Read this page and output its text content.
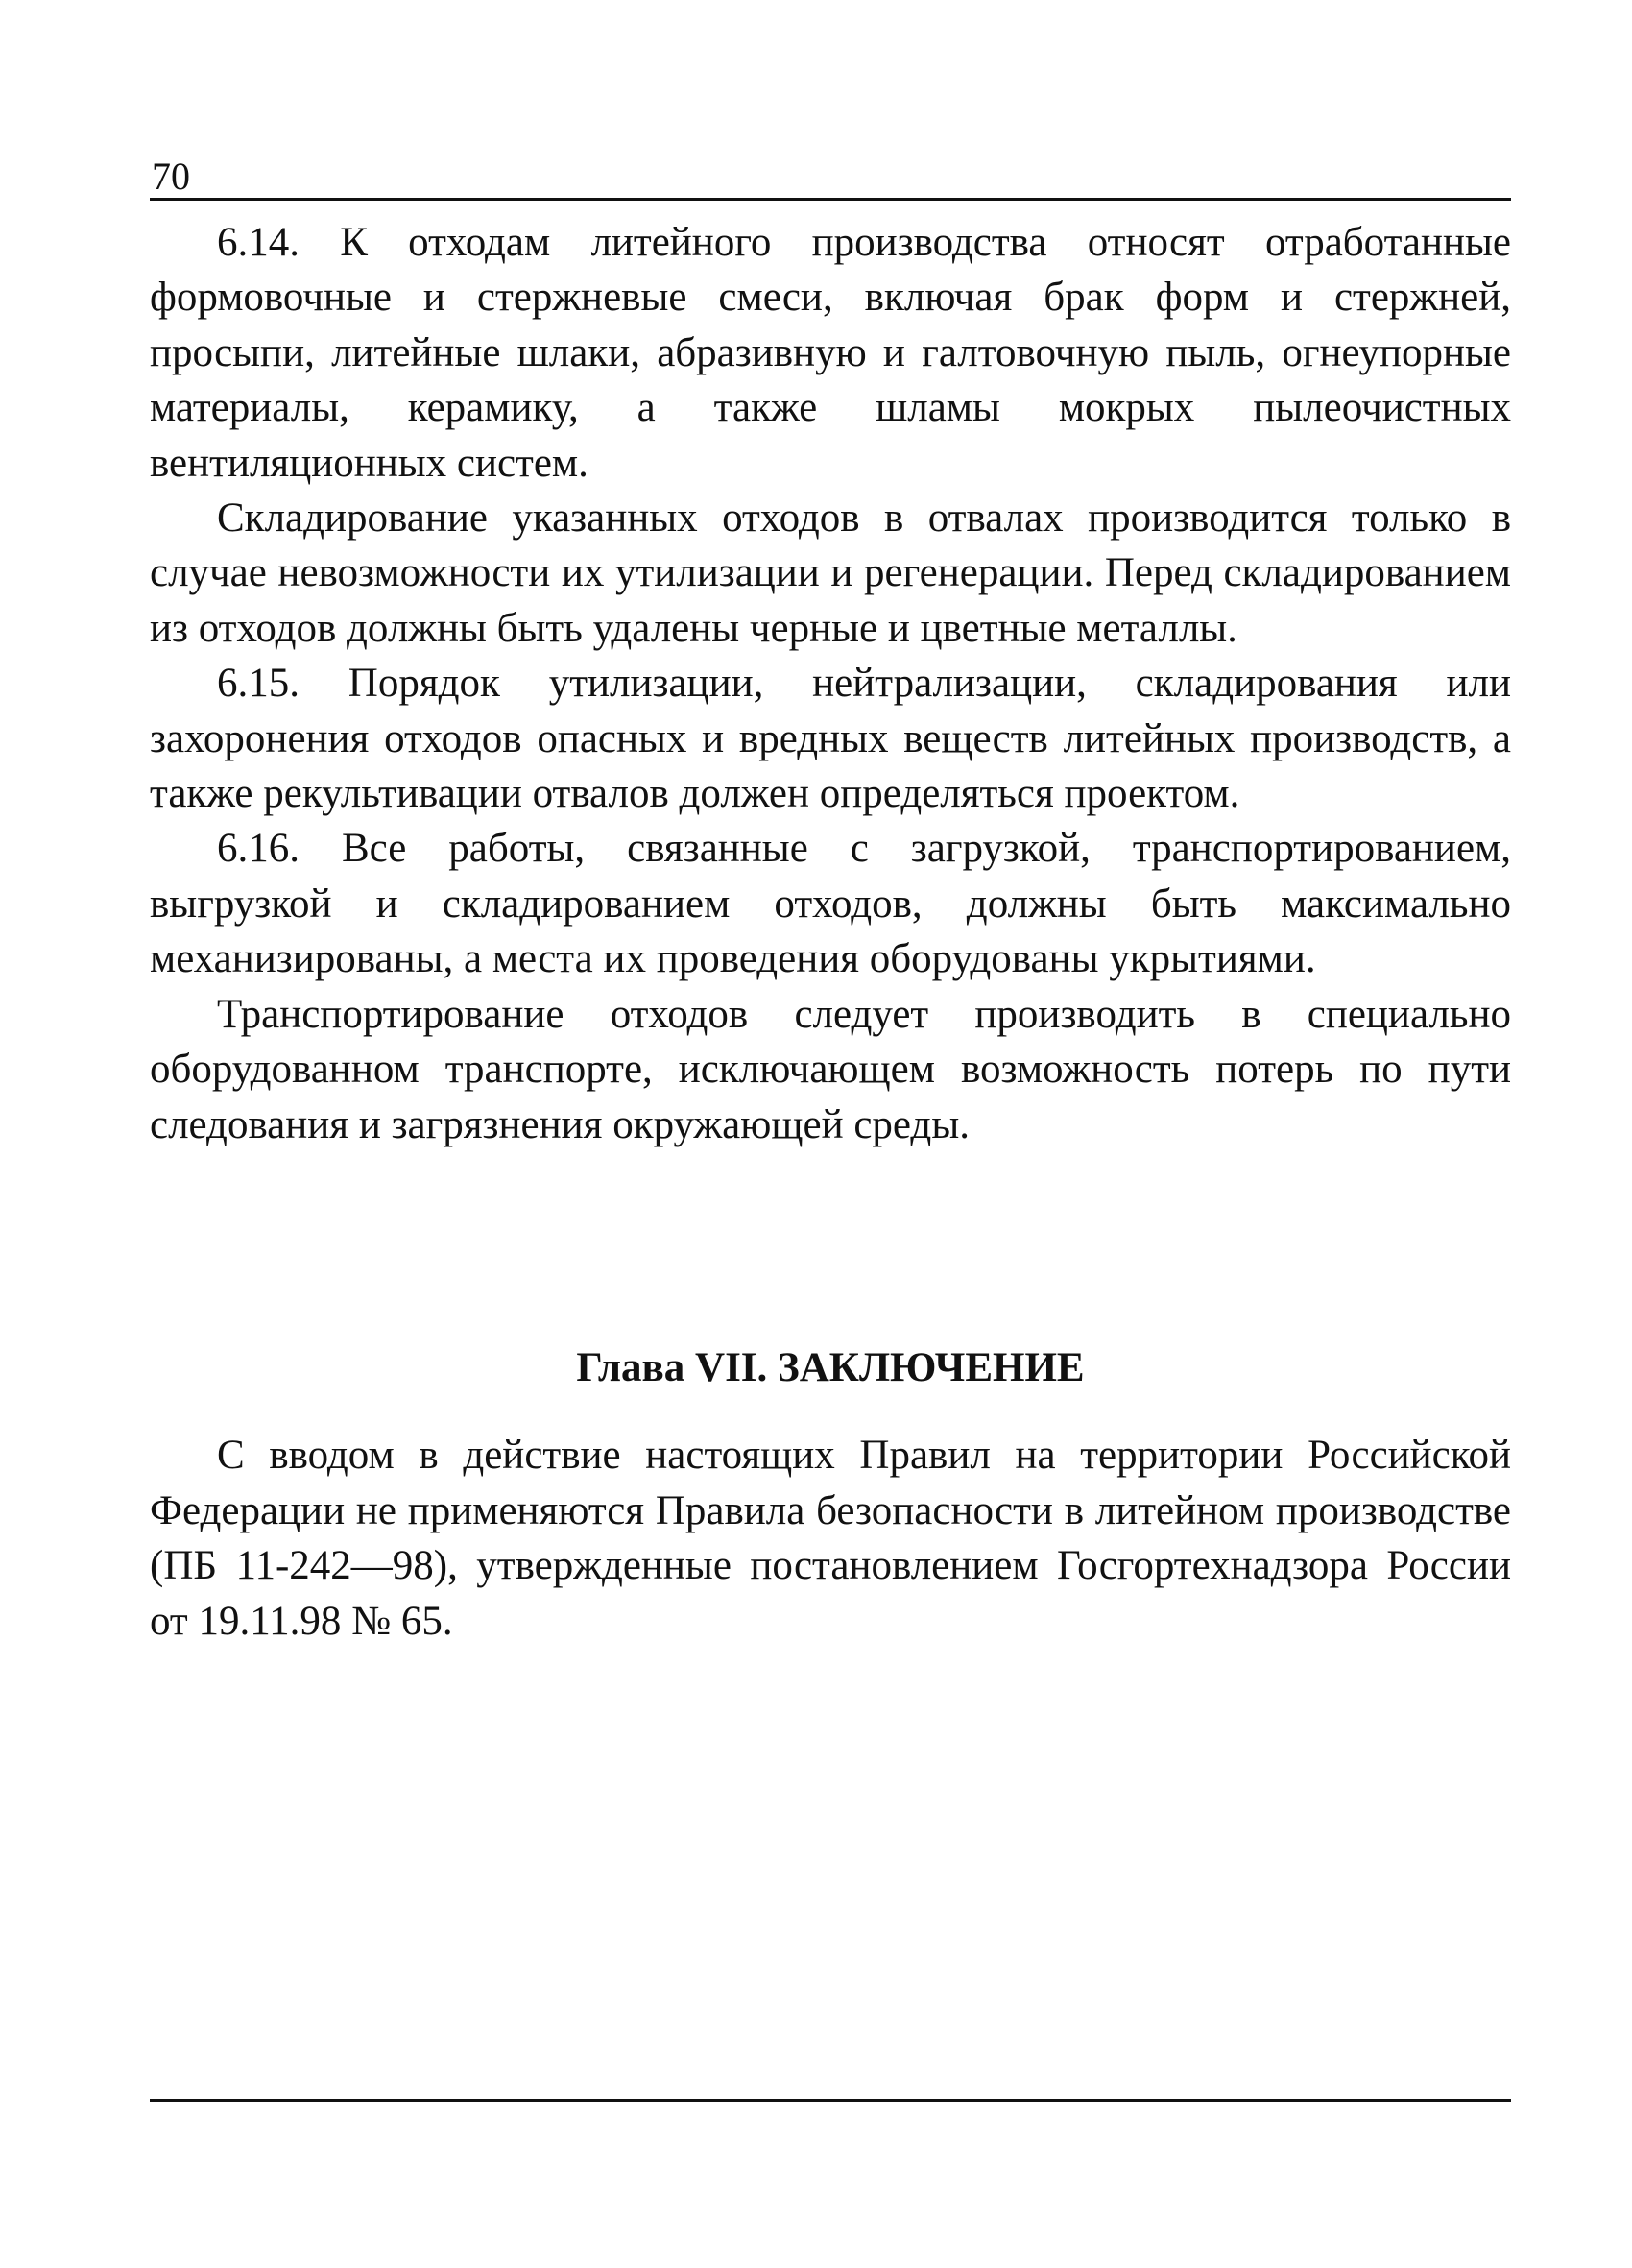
70

6.14. К отходам литейного производства относят отработанные формовочные и стержневые смеси, включая брак форм и стержней, просыпи, литейные шлаки, абразивную и галтовочную пыль, огнеупорные материалы, керамику, а также шламы мокрых пылеочистных вентиляционных систем.

Складирование указанных отходов в отвалах производится только в случае невозможности их утилизации и регенерации. Перед складированием из отходов должны быть удалены черные и цветные металлы.

6.15. Порядок утилизации, нейтрализации, складирования или захоронения отходов опасных и вредных веществ литейных производств, а также рекультивации отвалов должен определяться проектом.

6.16. Все работы, связанные с загрузкой, транспортированием, выгрузкой и складированием отходов, должны быть максимально механизированы, а места их проведения оборудованы укрытиями.

Транспортирование отходов следует производить в специально оборудованном транспорте, исключающем возможность потерь по пути следования и загрязнения окружающей среды.

Глава VII. ЗАКЛЮЧЕНИЕ

С вводом в действие настоящих Правил на территории Российской Федерации не применяются Правила безопасности в литейном производстве (ПБ 11-242—98), утвержденные постановлением Госгортехнадзора России от 19.11.98 № 65.
